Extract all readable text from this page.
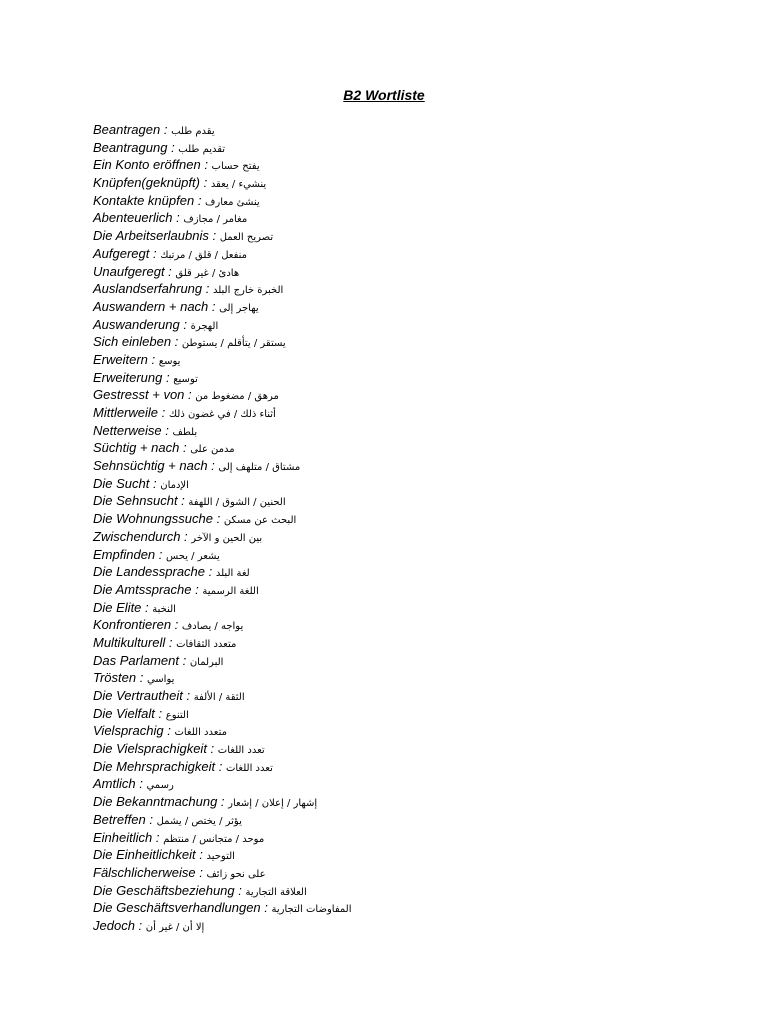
B2 Wortliste
Beantragen : يقدم طلب
Beantragung : تقديم طلب
Ein Konto eröffnen : يفتح حساب
Knüpfen(geknüpft) : ينشيء / يعقد
Kontakte knüpfen : ينشئ معارف
Abenteuerlich : مغامر / مجازف
Die Arbeitserlaubnis : تصريح العمل
Aufgeregt : منفعل / قلق / مرتبك
Unaufgeregt : هادئ / غير قلق
Auslandserfahrung : الخبرة خارج البلد
Auswandern + nach : يهاجر إلى
Auswanderung : الهجرة
Sich einleben : يستقر / يتأقلم / يستوطن
Erweitern : يوسع
Erweiterung : توسيع
Gestresst + von : مرهق / مضغوط من
Mittlerweile : أثناء ذلك / في غضون ذلك
Netterweise : بلطف
Süchtig + nach : مدمن على
Sehnsüchtig + nach : مشتاق / متلهف إلى
Die Sucht : الإدمان
Die Sehnsucht : الحنين / الشوق / اللهفة
Die Wohnungssuche : البحث عن مسكن
Zwischendurch : بين الحين و الآخر
Empfinden : يشعر / يحس
Die Landessprache : لغة البلد
Die Amtssprache : اللغة الرسمية
Die Elite : النخبة
Konfrontieren : يواجه / يصادف
Multikulturell : متعدد الثقافات
Das Parlament : البرلمان
Trösten : يواسي
Die Vertrautheit : الثقة / الألفة
Die Vielfalt : التنوع
Vielsprachig : متعدد اللغات
Die Vielsprachigkeit : تعدد اللغات
Die Mehrsprachigkeit : تعدد اللغات
Amtlich : رسمي
Die Bekanntmachung : إشهار / إعلان / إشعار
Betreffen : يؤثر / يختص / يشمل
Einheitlich : موحد / متجانس / منتظم
Die Einheitlichkeit : التوحيد
Fälschlicherweise : على نحو زائف
Die Geschäftsbeziehung : العلاقة التجارية
Die Geschäftsverhandlungen : المفاوضات التجارية
Jedoch : إلا أن / غير أن
